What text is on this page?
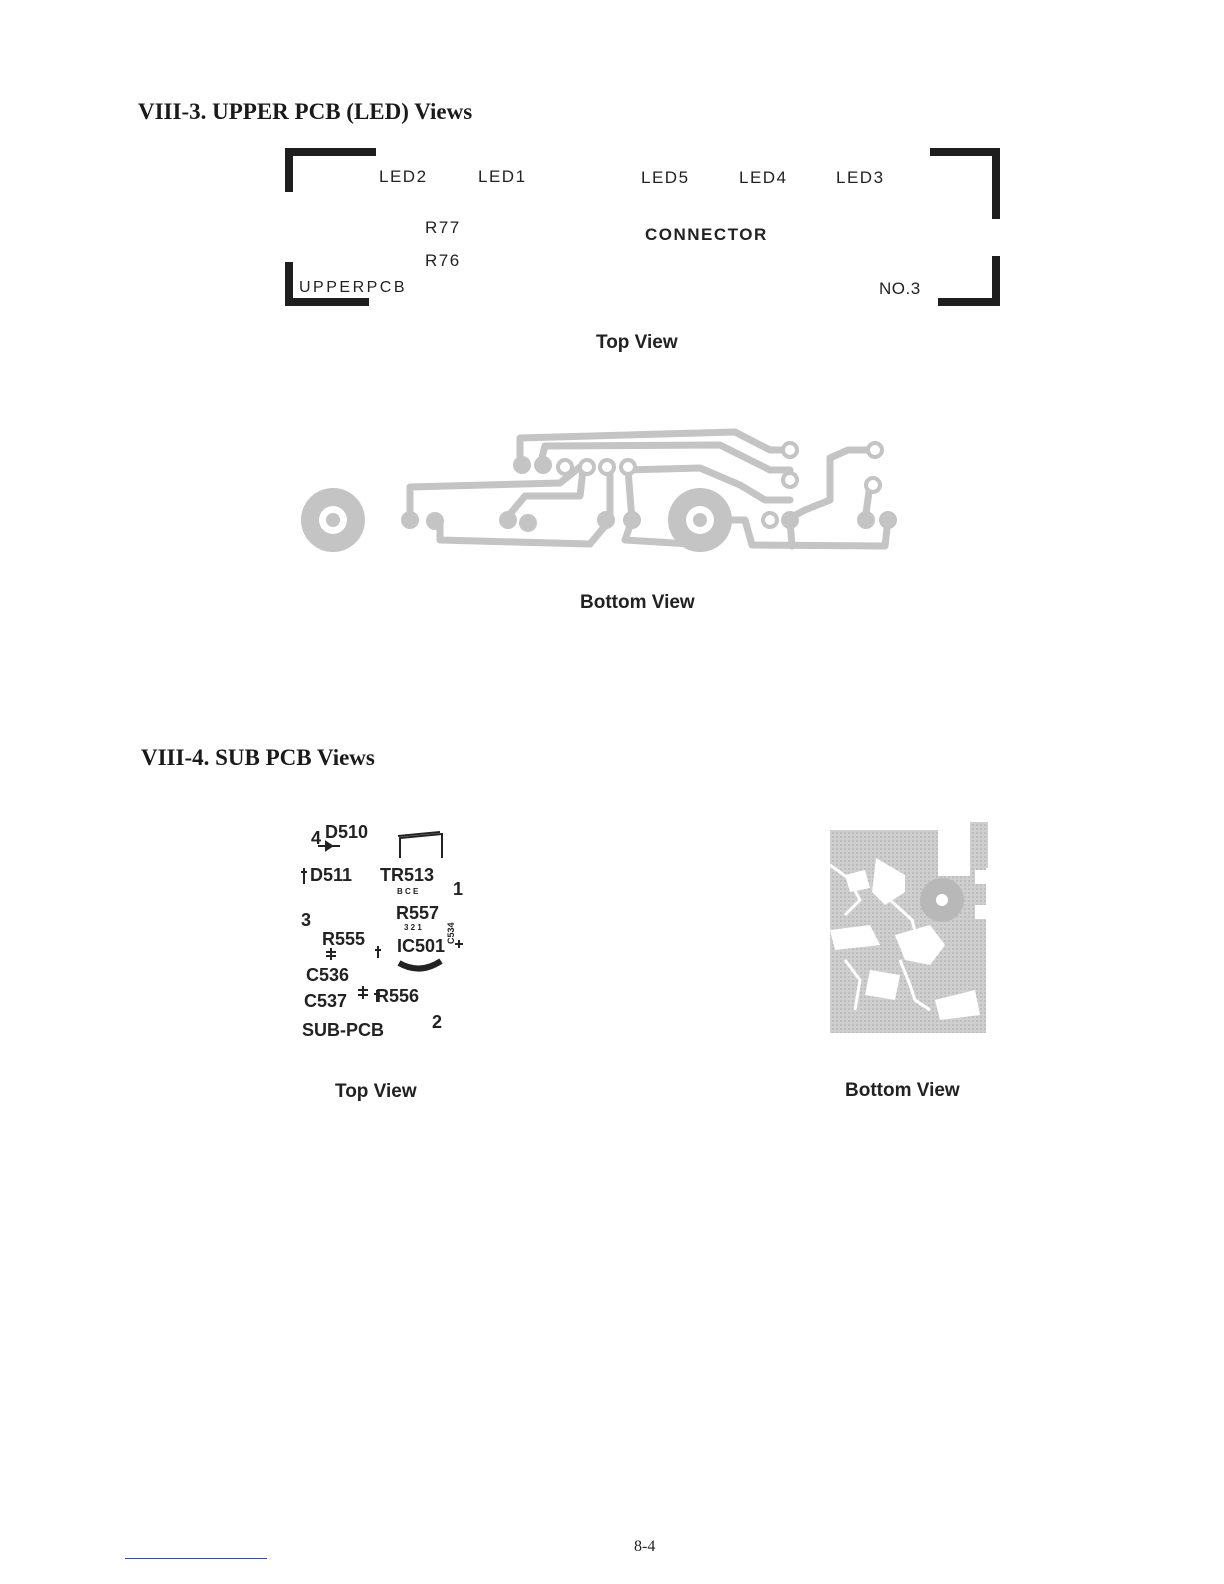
VIII-3. UPPER PCB (LED) Views
LED2	LED1	LED5	LED4	LED3
R77	CONNECTOR
R76
UPPERPCB	NO.3
Top View
Bottom View
VIII-4. SUB PCB Views
4 D510
D511 TR513
B C E 1
3	R557
3 2 1
R555 IC501
C534
C536
C537 R556
SUB-PCB	2
Top View	Bottom View
8-4
